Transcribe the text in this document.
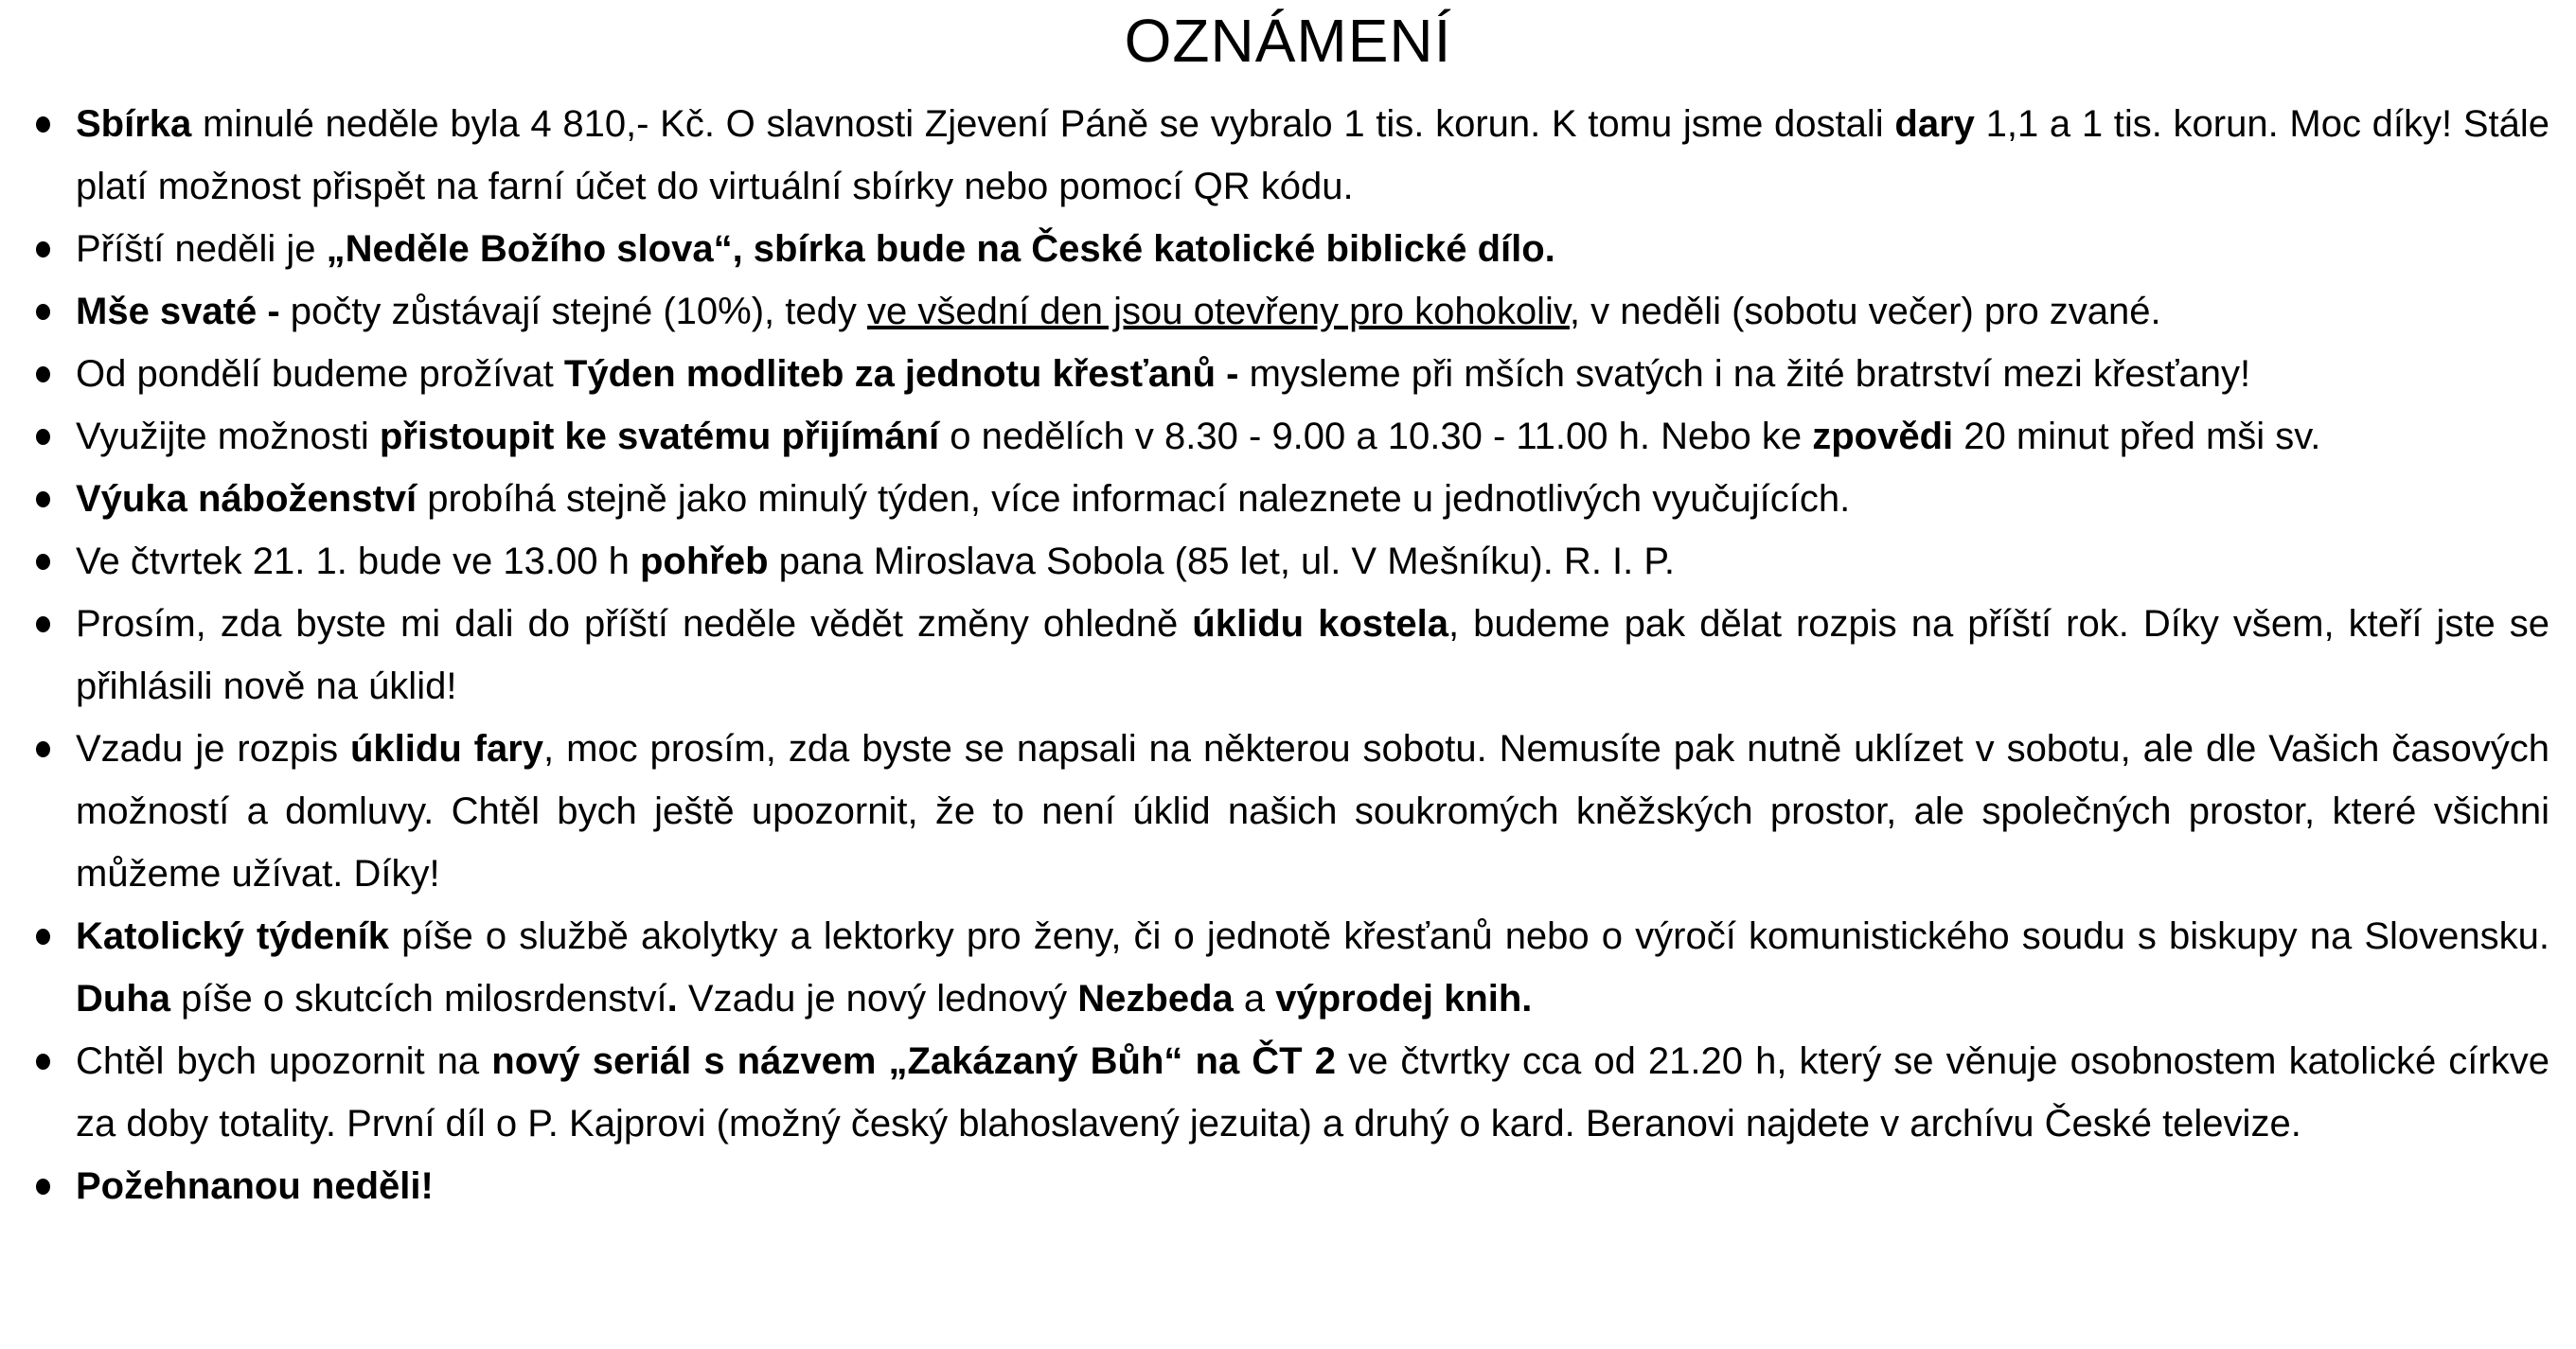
OZNÁMENÍ
Sbírka minulé neděle byla 4 810,- Kč. O slavnosti Zjevení Páně se vybralo 1 tis. korun. K tomu jsme dostali dary 1,1 a 1 tis. korun. Moc díky! Stále platí možnost přispět na farní účet do virtuální sbírky nebo pomocí QR kódu.
Příští neděli je „Neděle Božího slova“, sbírka bude na České katolické biblické dílo.
Mše svaté - počty zůstávají stejné (10%), tedy ve všední den jsou otevřeny pro kohokoliv, v neděli (sobotu večer) pro zvané.
Od pondělí budeme prožívat Týden modliteb za jednotu křesťanů - mysleme při mších svatých i na žité bratrství mezi křesťany!
Využijte možnosti přistoupit ke svatému přijímání o nedělích v 8.30 - 9.00 a 10.30 - 11.00 h. Nebo ke zpovědi 20 minut před mši sv.
Výuka náboženství probíhá stejně jako minulý týden, více informací naleznete u jednotlivých vyučujících.
Ve čtvrtek 21. 1. bude ve 13.00 h pohřeb pana Miroslava Sobola (85 let, ul. V Mešníku). R. I. P.
Prosím, zda byste mi dali do příští neděle vědět změny ohledně úklidu kostela, budeme pak dělat rozpis na příští rok. Díky všem, kteří jste se přihlásili nově na úklid!
Vzadu je rozpis úklidu fary, moc prosím, zda byste se napsali na některou sobotu. Nemusíte pak nutně uklízet v sobotu, ale dle Vašich časových možností a domluvy. Chtěl bych ještě upozornit, že to není úklid našich soukromých kněžských prostor, ale společných prostor, které všichni můžeme užívat. Díky!
Katolický týdeník píše o službě akolytky a lektorky pro ženy, či o jednotě křesťanů nebo o výročí komunistického soudu s biskupy na Slovensku. Duha píše o skutcích milosrdenství. Vzadu je nový lednový Nezbeda a výprodej knih.
Chtěl bych upozornit na nový seriál s názvem „Zakázaný Bůh“ na ČT 2 ve čtvrtky cca od 21.20 h, který se věnuje osobnostem katolické církve za doby totality. První díl o P. Kajprovi (možný český blahoslavený jezuita) a druhý o kard. Beranovi najdete v archívu České televize.
Požehnanou neděli!
